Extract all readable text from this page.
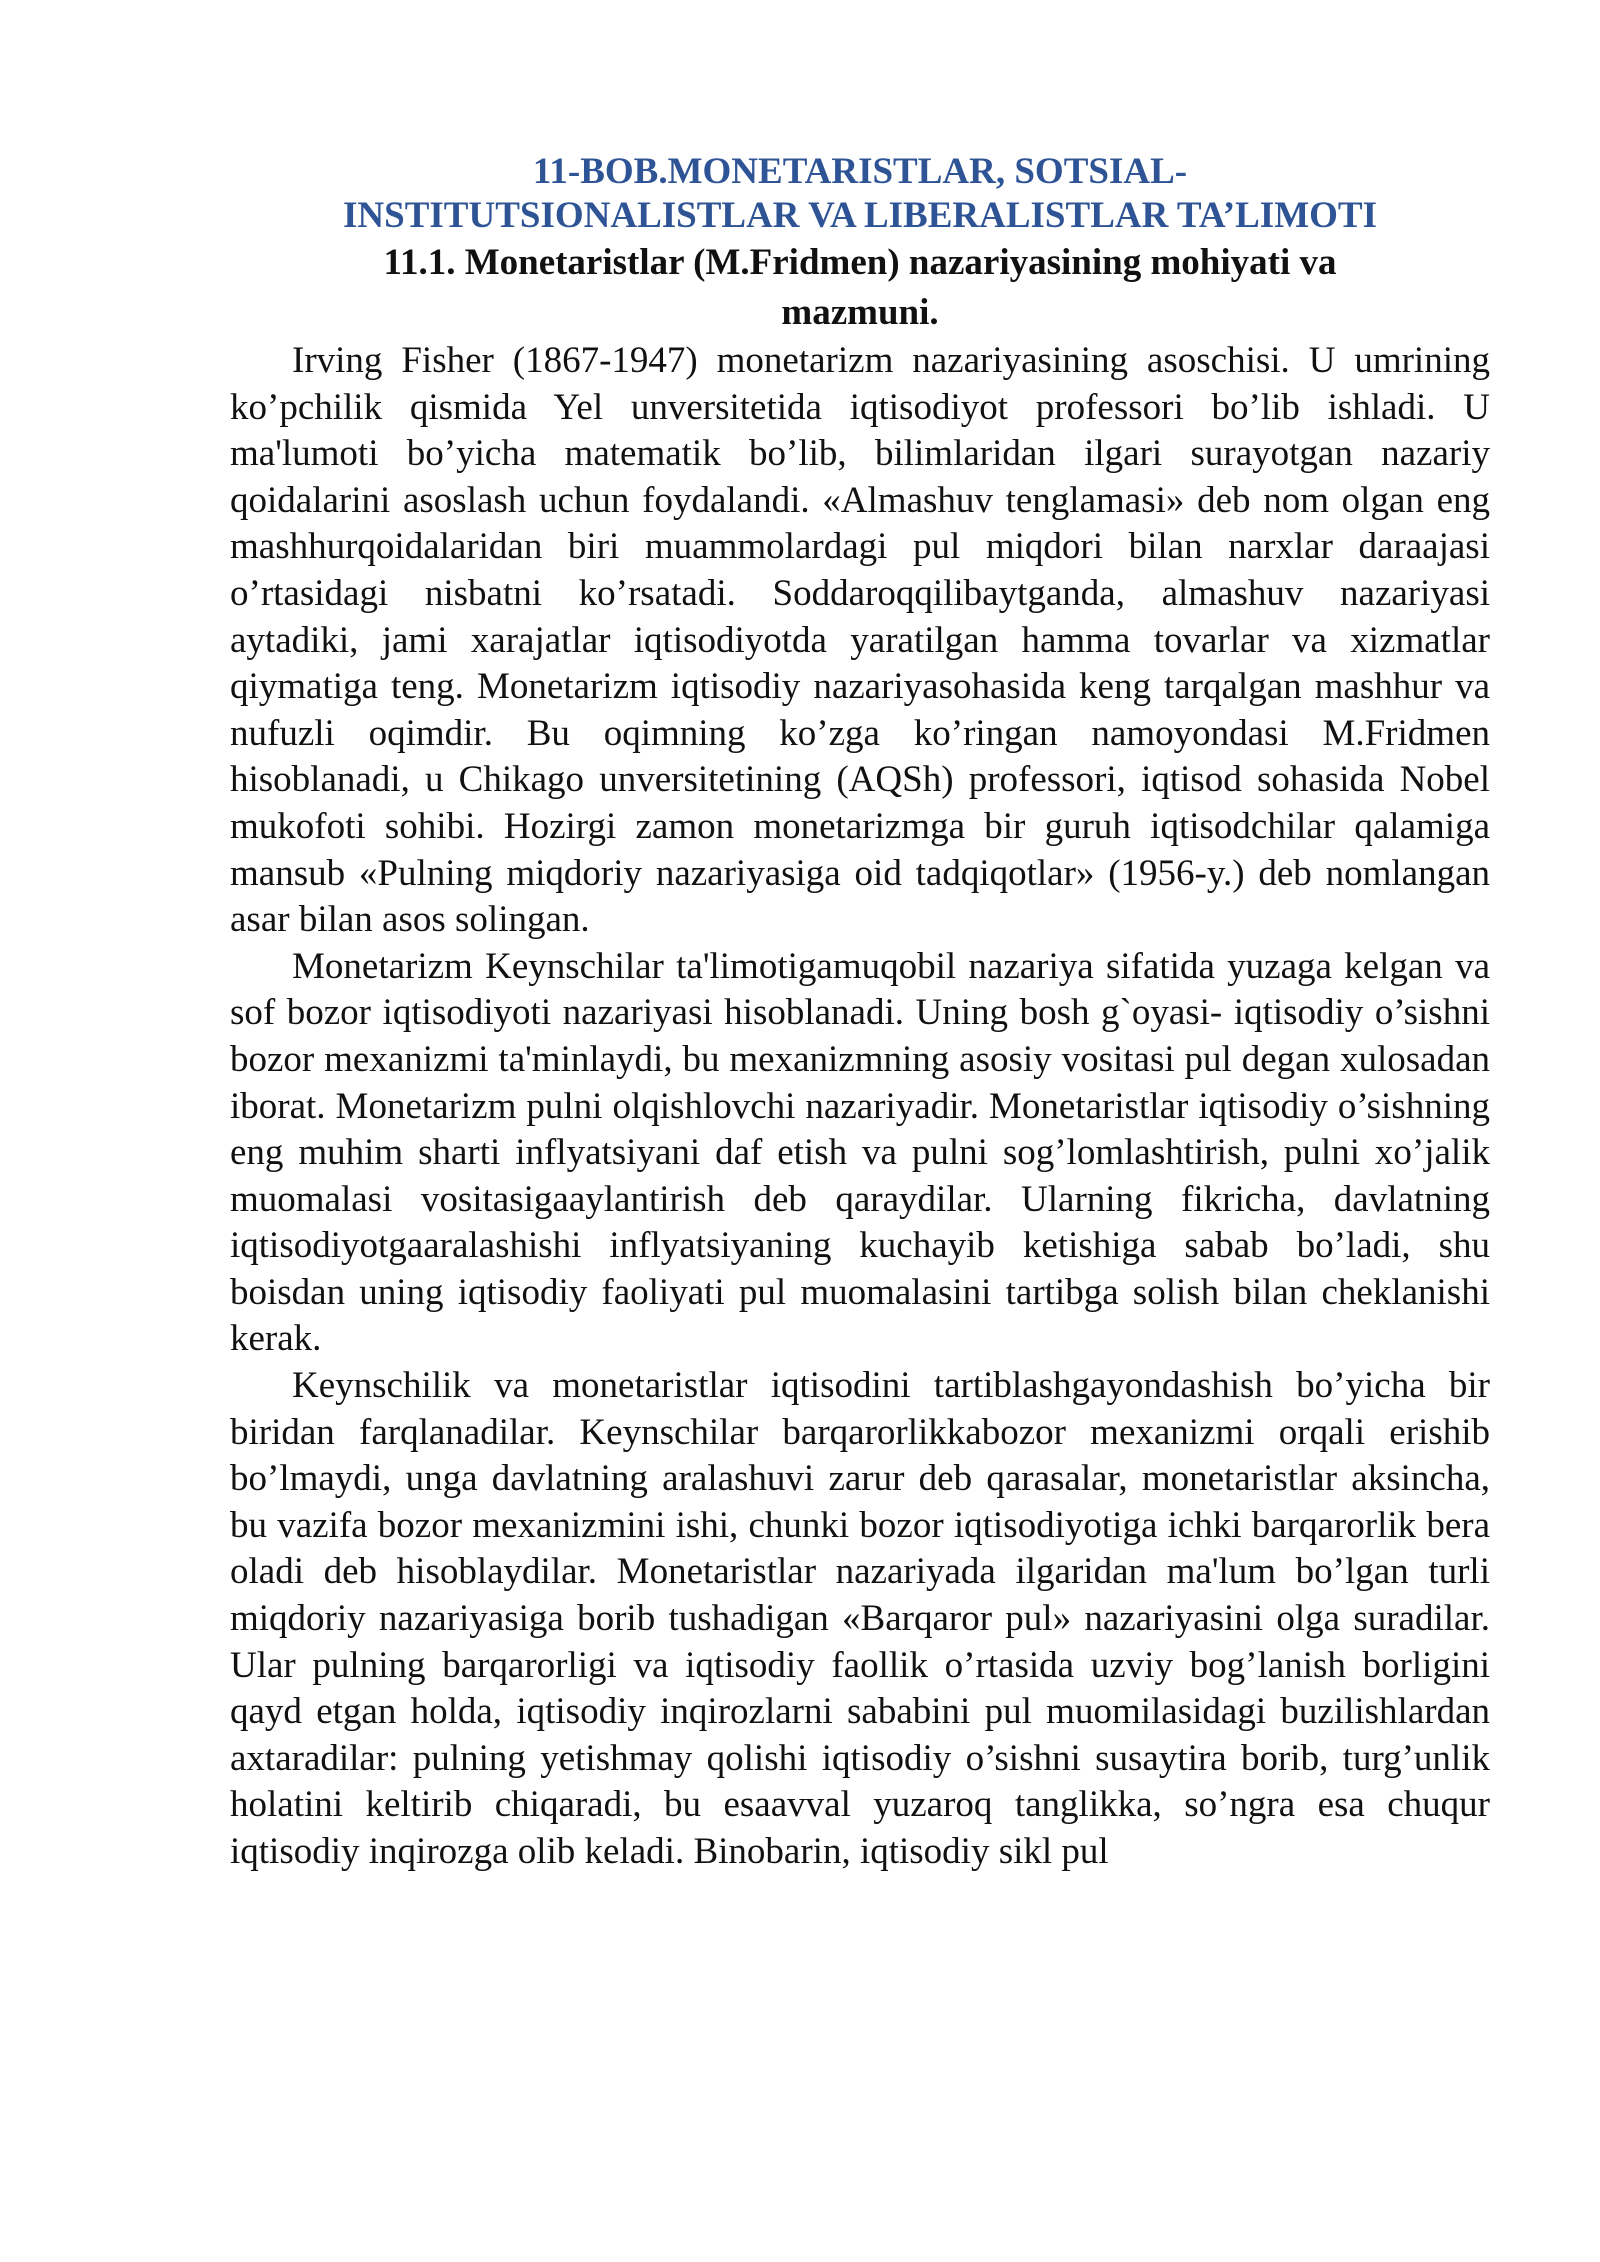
11-BOB.MONETARISTLAR, SOTSIAL-
INSTITUTSIONALISTLAR VA LIBERALISTLAR TA’LIMOTI
11.1. Monetaristlar (M.Fridmen) nazariyasining mohiyati va
mazmuni.

Irving Fisher (1867-1947) monetarizm nazariyasining asoschisi. U umrining ko’pchilik qismida Yel unversitetida iqtisodiyot professori bo’lib ishladi. U ma'lumoti bo’yicha matematik bo’lib, bilimlaridan ilgari surayotgan nazariy qoidalarini asoslash uchun foydalandi. «Almashuv tenglamasi» deb nom olgan eng mashhurqoidalaridan biri muammolardagi pul miqdori bilan narxlar daraajasi o’rtasidagi nisbatni ko’rsatadi. Soddaroqqilibaytganda, almashuv nazariyasi aytadiki, jami xarajatlar iqtisodiyotda yaratilgan hamma tovarlar va xizmatlar qiymatiga teng. Monetarizm iqtisodiy nazariyasohasida keng tarqalgan mashhur va nufuzli oqimdir. Bu oqimning ko’zga ko’ringan namoyondasi M.Fridmen hisoblanadi, u Chikago unversitetining (AQSh) professori, iqtisod sohasida Nobel mukofoti sohibi. Hozirgi zamon monetarizmga bir guruh iqtisodchilar qalamiga mansub «Pulning miqdoriy nazariyasiga oid tadqiqotlar» (1956-y.) deb nomlangan asar bilan asos solingan.

Monetarizm Keynschilar ta'limotigamuqobil nazariya sifatida yuzaga kelgan va sof bozor iqtisodiyoti nazariyasi hisoblanadi. Uning bosh g`oyasi- iqtisodiy o’sishni bozor mexanizmi ta'minlaydi, bu mexanizmning asosiy vositasi pul degan xulosadan iborat. Monetarizm pulni olqishlovchi nazariyadir. Monetaristlar iqtisodiy o’sishning eng muhim sharti inflyatsiyani daf etish va pulni sog’lomlashtirish, pulni xo’jalik muomalasi vositasigaaylantirish deb qaraydilar. Ularning fikricha, davlatning iqtisodiyotgaaralashishi inflyatsiyaning kuchayib ketishiga sabab bo’ladi, shu boisdan uning iqtisodiy faoliyati pul muomalasini tartibga solish bilan cheklanishi kerak.

Keynschilik va monetaristlar iqtisodini tartiblashgayondashish bo’yicha bir biridan farqlanadilar. Keynschilar barqarorlikkabozor mexanizmi orqali erishib bo’lmaydi, unga davlatning aralashuvi zarur deb qarasalar, monetaristlar aksincha, bu vazifa bozor mexanizmini ishi, chunki bozor iqtisodiyotiga ichki barqarorlik bera oladi deb hisoblaydilar. Monetaristlar nazariyada ilgaridan ma'lum bo’lgan turli miqdoriy nazariyasiga borib tushadigan «Barqaror pul» nazariyasini olga suradilar. Ular pulning barqarorligi va iqtisodiy faollik o’rtasida uzviy bog’lanish borligini qayd etgan holda, iqtisodiy inqirozlarni sababini pul muomilasidagi buzilishlardan axtaradilar: pulning yetishmay qolishi iqtisodiy o’sishni susaytira borib, turg’unlik holatini keltirib chiqaradi, bu esaavval yuzaroq tanglikka, so’ngra esa chuqur iqtisodiy inqirozga olib keladi. Binobarin, iqtisodiy sikl pul
